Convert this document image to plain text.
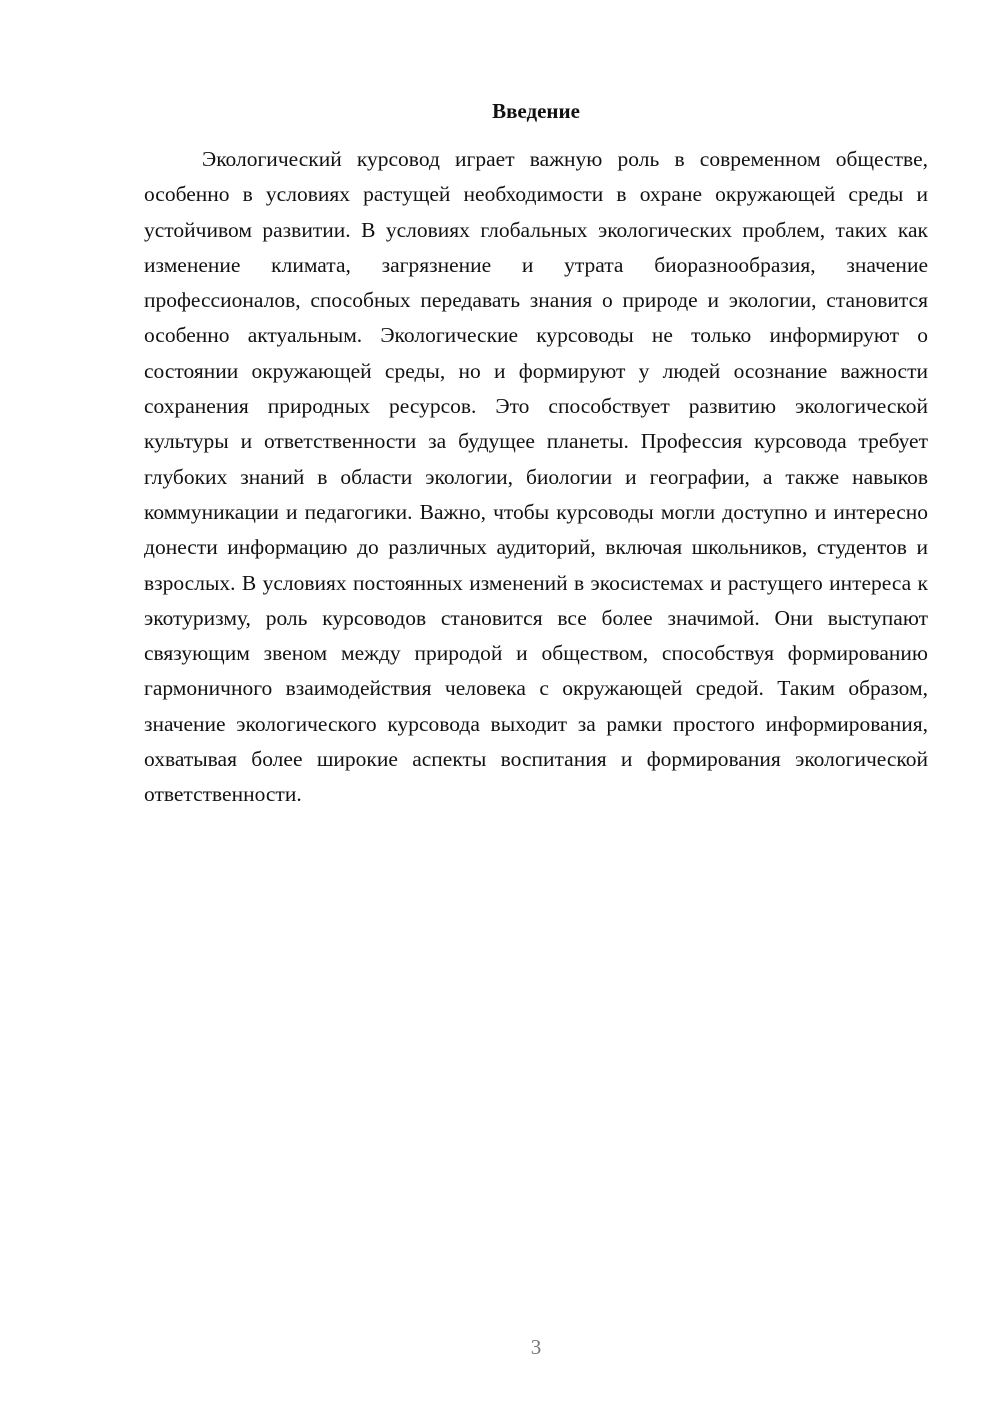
Введение

Экологический курсовод играет важную роль в современном обществе, особенно в условиях растущей необходимости в охране окружающей среды и устойчивом развитии. В условиях глобальных экологических проблем, таких как изменение климата, загрязнение и утрата биоразнообразия, значение профессионалов, способных передавать знания о природе и экологии, становится особенно актуальным. Экологические курсоводы не только информируют о состоянии окружающей среды, но и формируют у людей осознание важности сохранения природных ресурсов. Это способствует развитию экологической культуры и ответственности за будущее планеты. Профессия курсовода требует глубоких знаний в области экологии, биологии и географии, а также навыков коммуникации и педагогики. Важно, чтобы курсоводы могли доступно и интересно донести информацию до различных аудиторий, включая школьников, студентов и взрослых. В условиях постоянных изменений в экосистемах и растущего интереса к экотуризму, роль курсоводов становится все более значимой. Они выступают связующим звеном между природой и обществом, способствуя формированию гармоничного взаимодействия человека с окружающей средой. Таким образом, значение экологического курсовода выходит за рамки простого информирования, охватывая более широкие аспекты воспитания и формирования экологической ответственности.

3
